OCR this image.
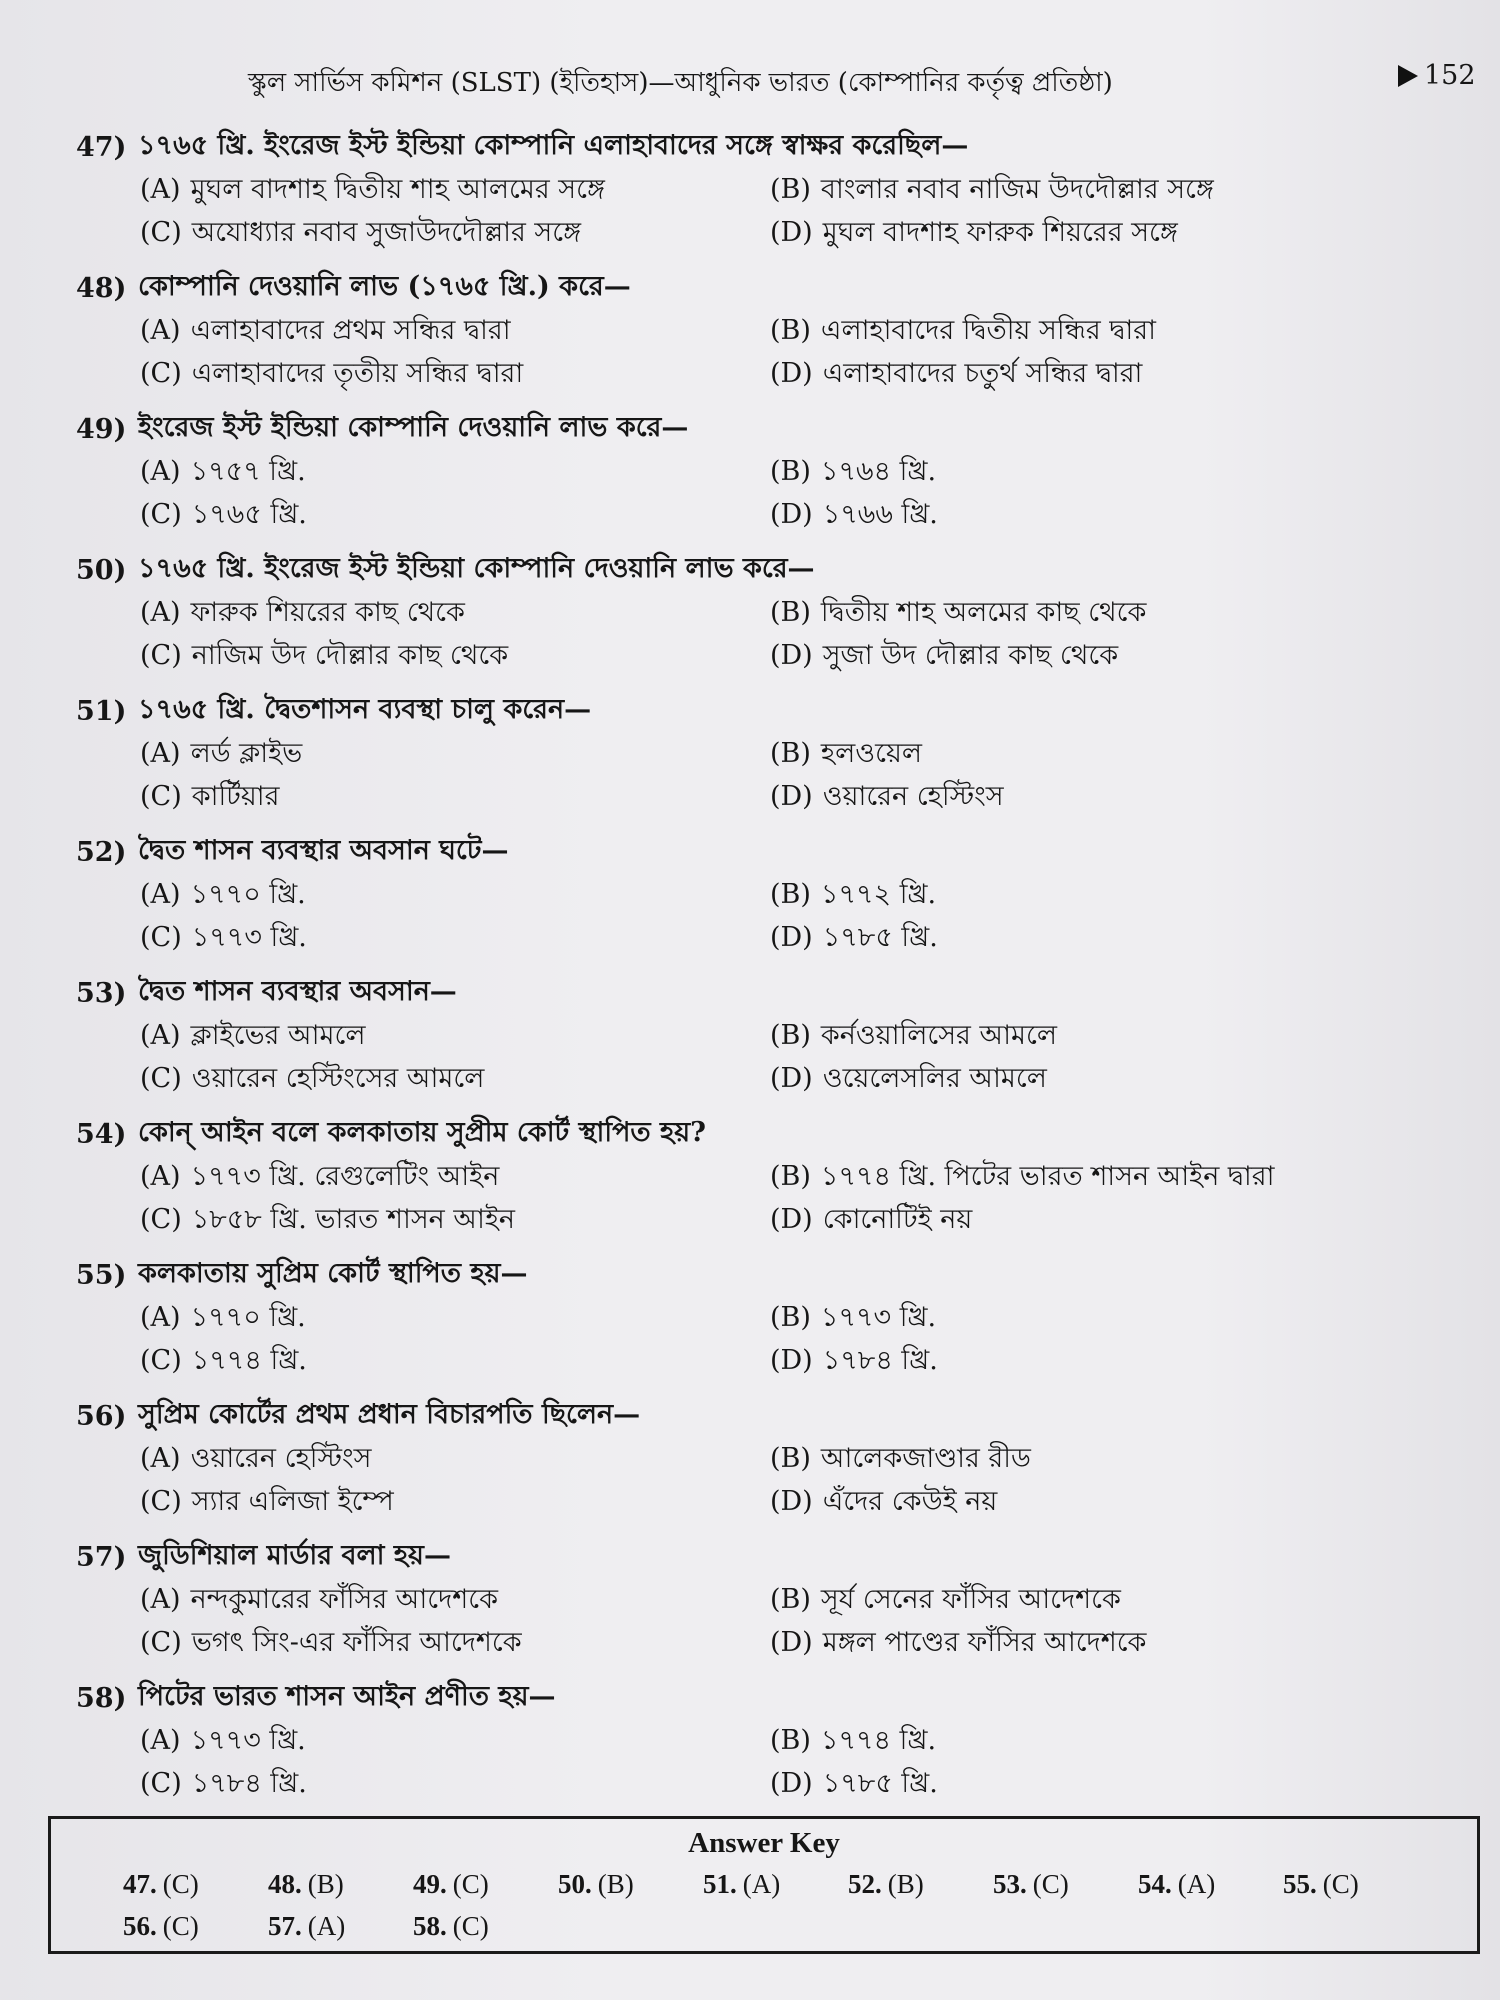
স্কুল সার্ভিস কমিশন (SLST) (ইতিহাস)—আধুনিক ভারত (কোম্পানির কর্তৃত্ব প্রতিষ্ঠা)	152
47) ১৭৬৫ খ্রি. ইংরেজ ইস্ট ইন্ডিয়া কোম্পানি এলাহাবাদের সঙ্গে স্বাক্ষর করেছিল—
(A) মুঘল বাদশাহ দ্বিতীয় শাহ আলমের সঙ্গে	(B) বাংলার নবাব নাজিম উদদৌল্লার সঙ্গে
(C) অযোধ্যার নবাব সুজাউদদৌল্লার সঙ্গে	(D) মুঘল বাদশাহ ফারুক শিয়রের সঙ্গে
48) কোম্পানি দেওয়ানি লাভ (১৭৬৫ খ্রি.) করে—
(A) এলাহাবাদের প্রথম সন্ধির দ্বারা	(B) এলাহাবাদের দ্বিতীয় সন্ধির দ্বারা
(C) এলাহাবাদের তৃতীয় সন্ধির দ্বারা	(D) এলাহাবাদের চতুর্থ সন্ধির দ্বারা
49) ইংরেজ ইস্ট ইন্ডিয়া কোম্পানি দেওয়ানি লাভ করে—
(A) ১৭৫৭ খ্রি.	(B) ১৭৬৪ খ্রি.
(C) ১৭৬৫ খ্রি.	(D) ১৭৬৬ খ্রি.
50) ১৭৬৫ খ্রি. ইংরেজ ইস্ট ইন্ডিয়া কোম্পানি দেওয়ানি লাভ করে—
(A) ফারুক শিয়রের কাছ থেকে	(B) দ্বিতীয় শাহ অলমের কাছ থেকে
(C) নাজিম উদ দৌল্লার কাছ থেকে	(D) সুজা উদ দৌল্লার কাছ থেকে
51) ১৭৬৫ খ্রি. দ্বৈতশাসন ব্যবস্থা চালু করেন—
(A) লর্ড ক্লাইভ	(B) হলওয়েল
(C) কার্টিয়ার	(D) ওয়ারেন হেস্টিংস
52) দ্বৈত শাসন ব্যবস্থার অবসান ঘটে—
(A) ১৭৭০ খ্রি.	(B) ১৭৭২ খ্রি.
(C) ১৭৭৩ খ্রি.	(D) ১৭৮৫ খ্রি.
53) দ্বৈত শাসন ব্যবস্থার অবসান—
(A) ক্লাইভের আমলে	(B) কর্নওয়ালিসের আমলে
(C) ওয়ারেন হেস্টিংসের আমলে	(D) ওয়েলেসলির আমলে
54) কোন্ আইন বলে কলকাতায় সুপ্রীম কোর্ট স্থাপিত হয়?
(A) ১৭৭৩ খ্রি. রেগুলেটিং আইন	(B) ১৭৭৪ খ্রি. পিটের ভারত শাসন আইন দ্বারা
(C) ১৮৫৮ খ্রি. ভারত শাসন আইন	(D) কোনোটিই নয়
55) কলকাতায় সুপ্রিম কোর্ট স্থাপিত হয়—
(A) ১৭৭০ খ্রি.	(B) ১৭৭৩ খ্রি.
(C) ১৭৭৪ খ্রি.	(D) ১৭৮৪ খ্রি.
56) সুপ্রিম কোর্টের প্রথম প্রধান বিচারপতি ছিলেন—
(A) ওয়ারেন হেস্টিংস	(B) আলেকজাণ্ডার রীড
(C) স্যার এলিজা ইম্পে	(D) এঁদের কেউই নয়
57) জুডিশিয়াল মার্ডার বলা হয়—
(A) নন্দকুমারের ফাঁসির আদেশকে	(B) সূর্য সেনের ফাঁসির আদেশকে
(C) ভগৎ সিং-এর ফাঁসির আদেশকে	(D) মঙ্গল পাণ্ডের ফাঁসির আদেশকে
58) পিটের ভারত শাসন আইন প্রণীত হয়—
(A) ১৭৭৩ খ্রি.	(B) ১৭৭৪ খ্রি.
(C) ১৭৮৪ খ্রি.	(D) ১৭৮৫ খ্রি.
Answer Key
47. (C)	48. (B)	49. (C)	50. (B)	51. (A)	52. (B)	53. (C)	54. (A)	55. (C)
56. (C)	57. (A)	58. (C)
